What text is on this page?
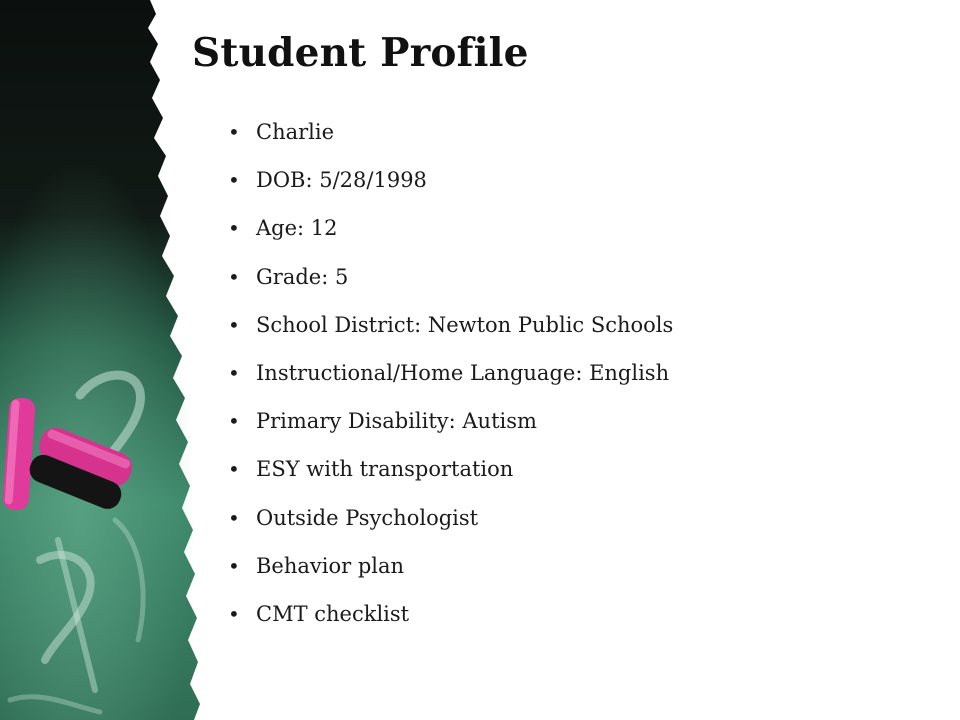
Student Profile
• Charlie
• DOB: 5/28/1998
• Age: 12
• Grade: 5
• School District: Newton Public Schools
• Instructional/Home Language: English
• Primary Disability: Autism
• ESY with transportation
• Outside Psychologist
• Behavior plan
• CMT checklist
